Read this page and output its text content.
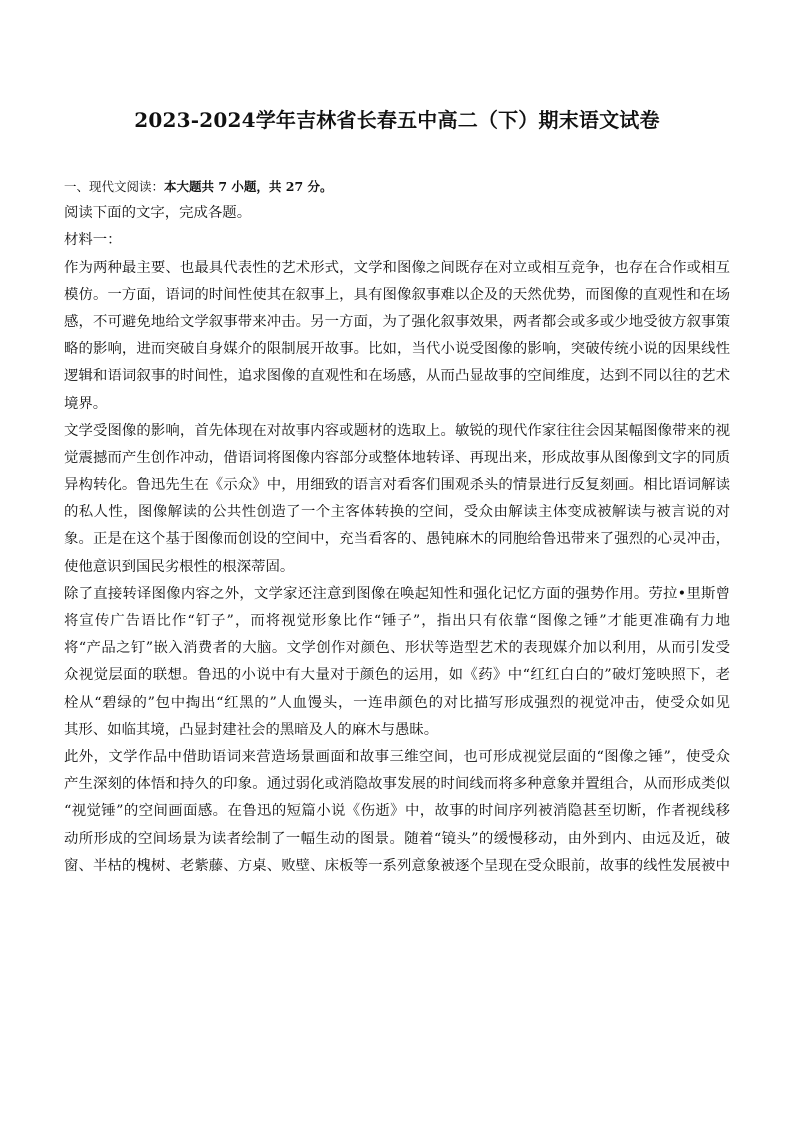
2023-2024学年吉林省长春五中高二（下）期末语文试卷
一、现代文阅读：本大题共 7 小题，共 27 分。
阅读下面的文字，完成各题。
材料一：
作为两种最主要、也最具代表性的艺术形式，文学和图像之间既存在对立或相互竞争，也存在合作或相互
模仿。一方面，语词的时间性使其在叙事上，具有图像叙事难以企及的天然优势，而图像的直观性和在场
感，不可避免地给文学叙事带来冲击。另一方面，为了强化叙事效果，两者都会或多或少地受彼方叙事策
略的影响，进而突破自身媒介的限制展开故事。比如，当代小说受图像的影响，突破传统小说的因果线性
逻辑和语词叙事的时间性，追求图像的直观性和在场感，从而凸显故事的空间维度，达到不同以往的艺术
境界。
文学受图像的影响，首先体现在对故事内容或题材的选取上。敏锐的现代作家往往会因某幅图像带来的视
觉震撼而产生创作冲动，借语词将图像内容部分或整体地转译、再现出来，形成故事从图像到文字的同质
异构转化。鲁迅先生在《示众》中，用细致的语言对看客们围观杀头的情景进行反复刻画。相比语词解读
的私人性，图像解读的公共性创造了一个主客体转换的空间，受众由解读主体变成被解读与被言说的对
象。正是在这个基于图像而创设的空间中，充当看客的、愚钝麻木的同胞给鲁迅带来了强烈的心灵冲击，
使他意识到国民劣根性的根深蒂固。
除了直接转译图像内容之外，文学家还注意到图像在唤起知性和强化记忆方面的强势作用。劳拉•里斯曾
将宣传广告语比作“钉子”，而将视觉形象比作“锤子”，指出只有依靠“图像之锤”才能更准确有力地
将“产品之钉”嵌入消费者的大脑。文学创作对颜色、形状等造型艺术的表现媒介加以利用，从而引发受
众视觉层面的联想。鲁迅的小说中有大量对于颜色的运用，如《药》中“红红白白的”破灯笼映照下，老
栓从“碧绿的”包中掏出“红黑的”人血馒头，一连串颜色的对比描写形成强烈的视觉冲击，使受众如见
其形、如临其境，凸显封建社会的黑暗及人的麻木与愚昧。
此外，文学作品中借助语词来营造场景画面和故事三维空间，也可形成视觉层面的“图像之锤”，使受众
产生深刻的体悟和持久的印象。通过弱化或消隐故事发展的时间线而将多种意象并置组合，从而形成类似
“视觉锤”的空间画面感。在鲁迅的短篇小说《伤逝》中，故事的时间序列被消隐甚至切断，作者视线移
动所形成的空间场景为读者绘制了一幅生动的图景。随着“镜头”的缓慢移动，由外到内、由远及近，破
窗、半枯的槐树、老紫藤、方桌、败壁、床板等一系列意象被逐个呈现在受众眼前，故事的线性发展被中
